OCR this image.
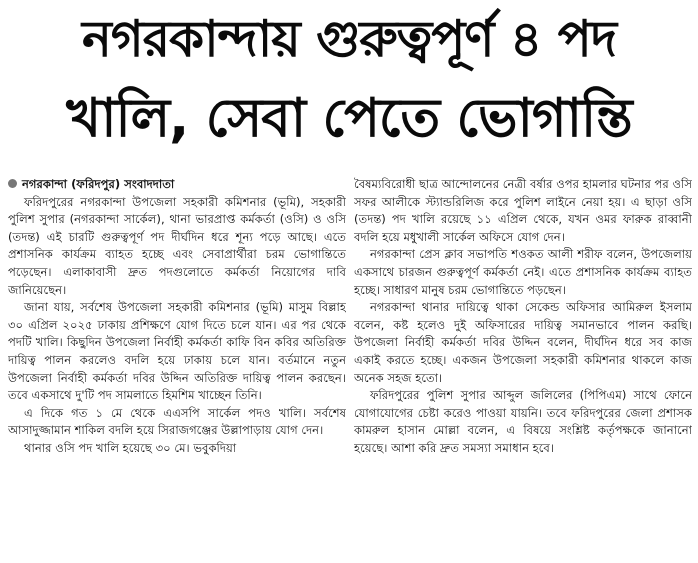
নগরকান্দায় গুরুত্বপূর্ণ ৪ পদ
খালি, সেবা পেতে ভোগান্তি
নগরকান্দা (ফরিদপুর) সংবাদদাতা

ফরিদপুরের নগরকান্দা উপজেলা সহকারী কমিশনার (ভূমি), সহকারী পুলিশ সুপার (নগরকান্দা সার্কেল), থানা ভারপ্রাপ্ত কর্মকর্তা (ওসি) ও ওসি (তদন্ত) এই চারটি গুরুত্বপূর্ণ পদ দীর্ঘদিন ধরে শূন্য পড়ে আছে। এতে প্রশাসনিক কার্যক্রম ব্যাহত হচ্ছে এবং সেবাপ্রার্থীরা চরম ভোগান্তিতে পড়েছেন। এলাকাবাসী দ্রুত পদগুলোতে কর্মকর্তা নিয়োগের দাবি জানিয়েছেন।

জানা যায়, সর্বশেষ উপজেলা সহকারী কমিশনার (ভূমি) মাসুম বিল্লাহ ৩০ এপ্রিল ২০২৫ ঢাকায় প্রশিক্ষণে যোগ দিতে চলে যান। এর পর থেকে পদটি খালি। কিছুদিন উপজেলা নির্বাহী কর্মকর্তা কাফি বিন কবির অতিরিক্ত দায়িত্ব পালন করলেও বদলি হয়ে ঢাকায় চলে যান। বর্তমানে নতুন উপজেলা নির্বাহী কর্মকর্তা দবির উদ্দিন অতিরিক্ত দায়িত্ব পালন করছেন। তবে একসাথে দু'টি পদ সামলাতে হিমশিম খাচ্ছেন তিনি।

এ দিকে গত ১ মে থেকে এএসপি সার্কেল পদও খালি। সর্বশেষ আসাদুজ্জামান শাকিল বদলি হয়ে সিরাজগঞ্জের উল্লাপাড়ায় যোগ দেন।

থানার ওসি পদ খালি হয়েছে ৩০ মে। ভবুকদিয়া

বৈষম্যবিরোধী ছাত্র আন্দোলনের নেত্রী বর্ষার ওপর হামলার ঘটনার পর ওসি সফর আলীকে স্ট্যান্ডরিলিজ করে পুলিশ লাইনে নেয়া হয়। এ ছাড়া ওসি (তদন্ত) পদ খালি রয়েছে ১১ এপ্রিল থেকে, যখন ওমর ফারুক রাব্বানী বদলি হয়ে মধুখালী সার্কেল অফিসে যোগ দেন।

নগরকান্দা প্রেস ক্লাব সভাপতি শওকত আলী শরীফ বলেন, উপজেলায় একসাথে চারজন গুরুত্বপূর্ণ কর্মকর্তা নেই। এতে প্রশাসনিক কার্যক্রম ব্যাহত হচ্ছে। সাধারণ মানুষ চরম ভোগান্তিতে পড়ছেন।

নগরকান্দা থানার দায়িত্বে থাকা সেকেন্ড অফিসার আমিরুল ইসলাম বলেন, কষ্ট হলেও দুই অফিসারের দায়িত্ব সমানভাবে পালন করছি। উপজেলা নির্বাহী কর্মকর্তা দবির উদ্দিন বলেন, দীর্ঘদিন ধরে সব কাজ একাই করতে হচ্ছে। একজন উপজেলা সহকারী কমিশনার থাকলে কাজ অনেক সহজ হতো।

ফরিদপুরের পুলিশ সুপার আব্দুল জলিলের (পিপিএম) সাথে ফোনে যোগাযোগের চেষ্টা করেও পাওয়া যায়নি। তবে ফরিদপুরের জেলা প্রশাসক কামরুল হাসান মোল্লা বলেন, এ বিষয়ে সংশ্লিষ্ট কর্তৃপক্ষকে জানানো হয়েছে। আশা করি দ্রুত সমস্যা সমাধান হবে।
